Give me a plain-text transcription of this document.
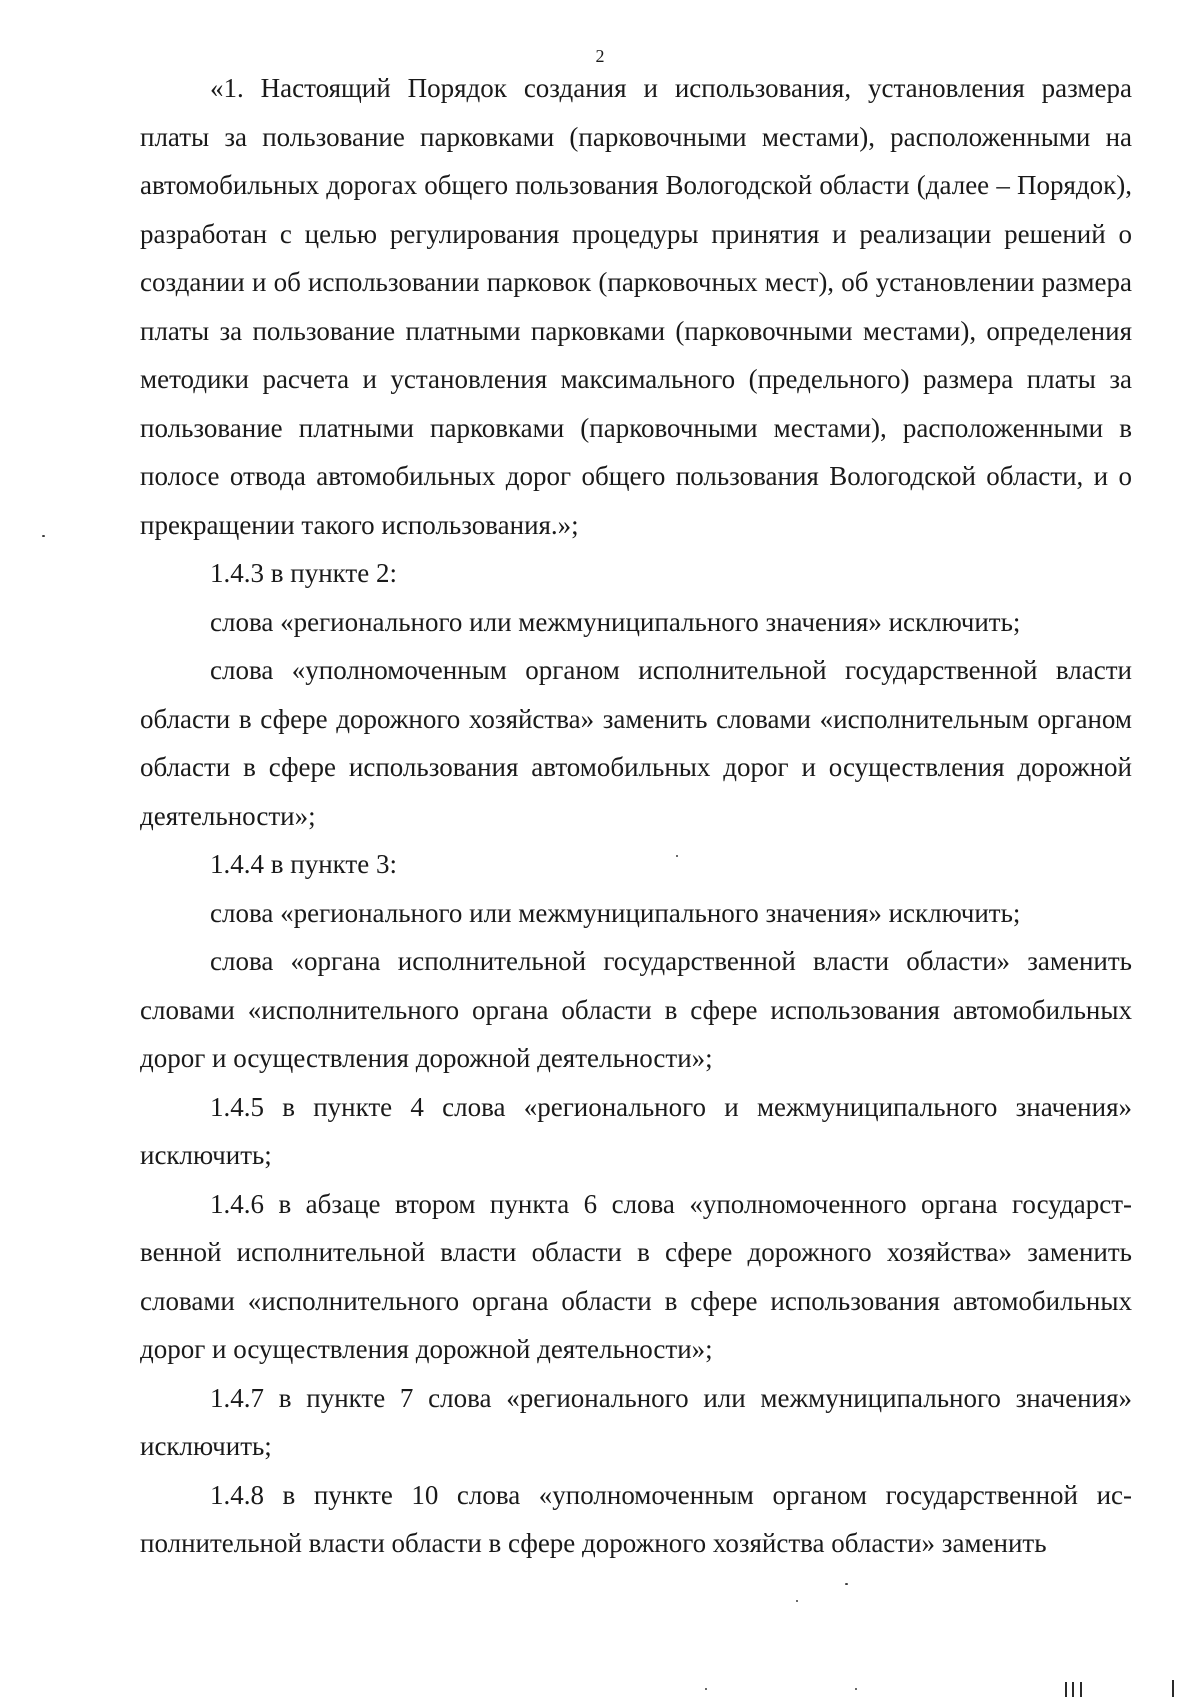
2

«1. Настоящий Порядок создания и использования, установления размера платы за пользование парковками (парковочными местами), расположенными на автомобильных дорогах общего пользования Вологодской области (далее – Порядок), разработан с целью регулирования процедуры принятия и реализации решений о создании и об использовании парковок (парковочных мест), об установлении размера платы за пользование платными парковками (парковочными местами), определения методики расчета и установления максимального (предельного) размера платы за пользование платными парковками (парковочными местами), расположенными в полосе отвода автомобильных дорог общего пользования Вологодской области, и о прекращении такого использования.»;

1.4.3 в пункте 2:

слова «регионального или межмуниципального значения» исключить;

слова «уполномоченным органом исполнительной государственной власти области в сфере дорожного хозяйства» заменить словами «исполнительным органом области в сфере использования автомобильных дорог и осуществления дорожной деятельности»;

1.4.4 в пункте 3:

слова «регионального или межмуниципального значения» исключить;

слова «органа исполнительной государственной власти области» заменить словами «исполнительного органа области в сфере использования автомобильных дорог и осуществления дорожной деятельности»;

1.4.5 в пункте 4 слова «регионального и межмуниципального значения» исключить;

1.4.6 в абзаце втором пункта 6 слова «уполномоченного органа государственной исполнительной власти области в сфере дорожного хозяйства» заменить словами «исполнительного органа области в сфере использования автомобильных дорог и осуществления дорожной деятельности»;

1.4.7 в пункте 7 слова «регионального или межмуниципального значения» исключить;

1.4.8 в пункте 10 слова «уполномоченным органом государственной исполнительной власти области в сфере дорожного хозяйства области» заменить
